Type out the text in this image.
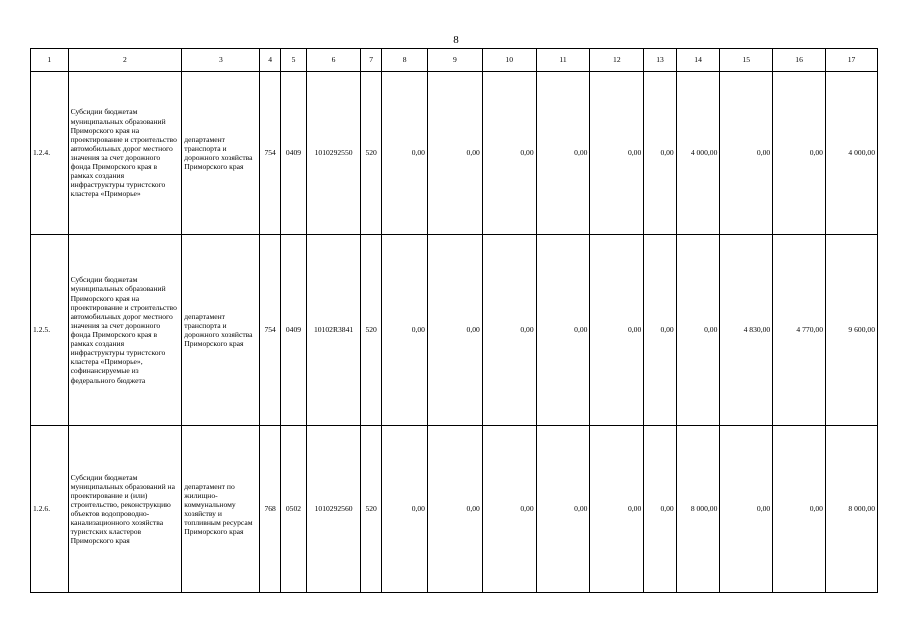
8
1	2	3	4	5	6	7	8	9	10	11	12	13	14	15	16	17
1.2.4.	Субсидии бюджетам муниципальных образований Приморского края на проектирование и строительство автомобильных дорог местного значения за счет дорожного фонда Приморского края в рамках создания инфраструктуры туристского кластера «Приморье»	департамент транспорта и дорожного хозяйства Приморского края	754	0409	1010292550	520	0,00	0,00	0,00	0,00	0,00	0,00	4 000,00	0,00	0,00	4 000,00
1.2.5.	Субсидии бюджетам муниципальных образований Приморского края на проектирование и строительство автомобильных дорог местного значения за счет дорожного фонда Приморского края в рамках создания инфраструктуры туристского кластера «Приморье», софинансируемые из федерального бюджета	департамент транспорта и дорожного хозяйства Приморского края	754	0409	10102R3841	520	0,00	0,00	0,00	0,00	0,00	0,00	0,00	4 830,00	4 770,00	9 600,00
1.2.6.	Субсидии бюджетам муниципальных образований на проектирование и (или) строительство, реконструкцию объектов водопроводно-канализационного хозяйства туристских кластеров Приморского края	департамент по жилищно-коммунальному хозяйству и топливным ресурсам Приморского края	768	0502	1010292560	520	0,00	0,00	0,00	0,00	0,00	0,00	8 000,00	0,00	0,00	8 000,00
